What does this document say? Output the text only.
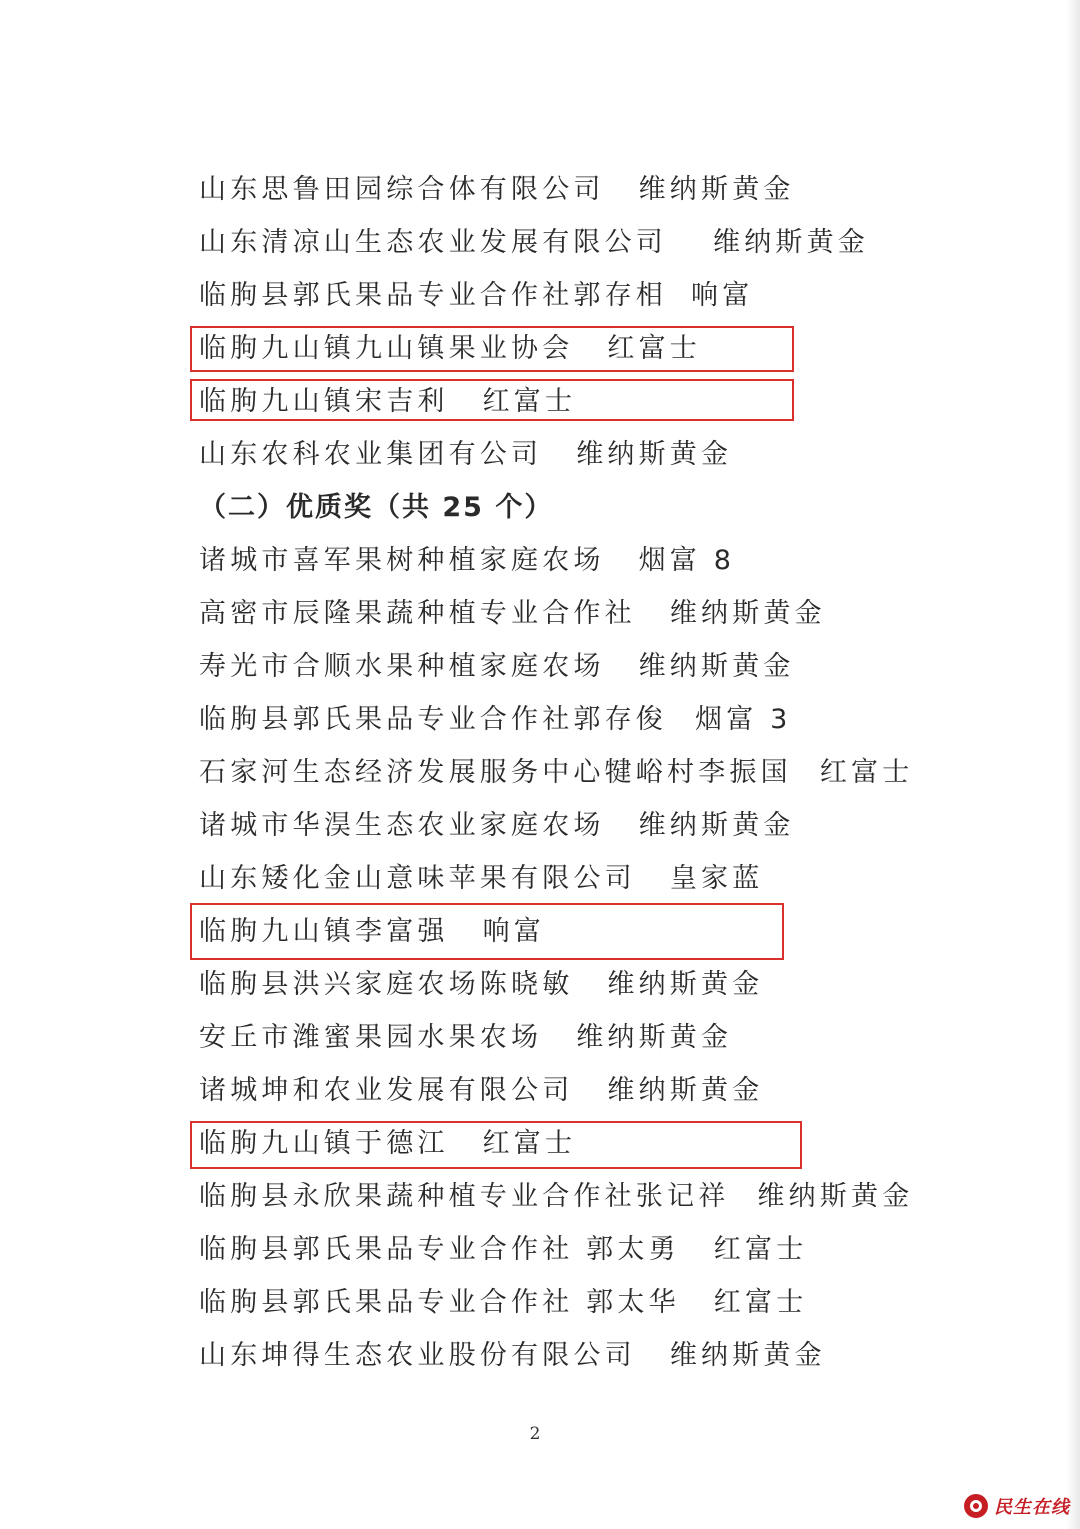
山东思鲁田园综合体有限公司 维纳斯黄金
山东清凉山生态农业发展有限公司 维纳斯黄金
临朐县郭氏果品专业合作社郭存相 响富
临朐九山镇九山镇果业协会 红富士
临朐九山镇宋吉利 红富士
山东农科农业集团有公司 维纳斯黄金
（二）优质奖（共 25 个）
诸城市喜军果树种植家庭农场 烟富 8
高密市辰隆果蔬种植专业合作社 维纳斯黄金
寿光市合顺水果种植家庭农场 维纳斯黄金
临朐县郭氏果品专业合作社郭存俊 烟富 3
石家河生态经济发展服务中心犍峪村李振国 红富士
诸城市华淏生态农业家庭农场 维纳斯黄金
山东矮化金山意味苹果有限公司 皇家蓝
临朐九山镇李富强 响富
临朐县洪兴家庭农场陈晓敏 维纳斯黄金
安丘市潍蜜果园水果农场 维纳斯黄金
诸城坤和农业发展有限公司 维纳斯黄金
临朐九山镇于德江 红富士
临朐县永欣果蔬种植专业合作社张记祥 维纳斯黄金
临朐县郭氏果品专业合作社 郭太勇 红富士
临朐县郭氏果品专业合作社 郭太华 红富士
山东坤得生态农业股份有限公司 维纳斯黄金
2
民生在线
